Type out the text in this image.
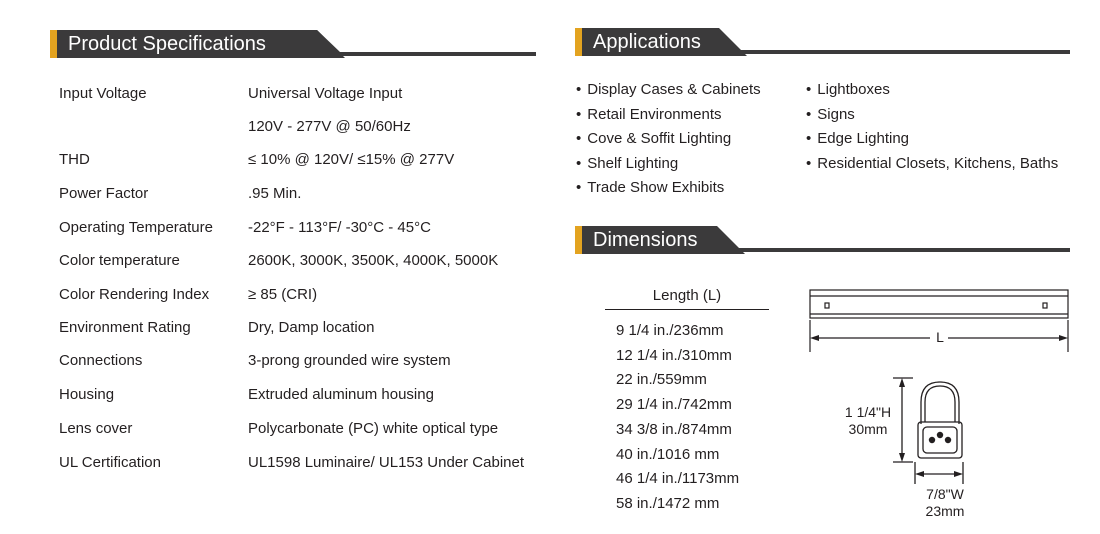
Product Specifications
Input Voltage	Universal Voltage Input
120V - 277V @ 50/60Hz
THD	≤ 10% @ 120V/ ≤15% @ 277V
Power Factor	.95 Min.
Operating Temperature -22°F - 113°F/ -30°C - 45°C
Color temperature	2600K, 3000K, 3500K, 4000K, 5000K
Color Rendering Index	≥ 85 (CRI)
Environment Rating	Dry, Damp location
Connections	3-prong grounded wire system
Housing	Extruded aluminum housing
Lens cover	Polycarbonate (PC) white optical type
UL Certification	UL1598 Luminaire/ UL153 Under Cabinet
Applications
• Display Cases & Cabinets
• Retail Environments
• Cove & Soffit Lighting
• Shelf Lighting
• Trade Show Exhibits
• Lightboxes
• Signs
• Edge Lighting
• Residential Closets, Kitchens, Baths
Dimensions
Length (L)
9 1/4 in./236mm
12 1/4 in./310mm
22 in./559mm
29 1/4 in./742mm
34 3/8 in./874mm
40 in./1016 mm
46 1/4 in./1173mm
58 in./1472 mm
L
1 1/4"H
30mm
7/8"W
23mm
